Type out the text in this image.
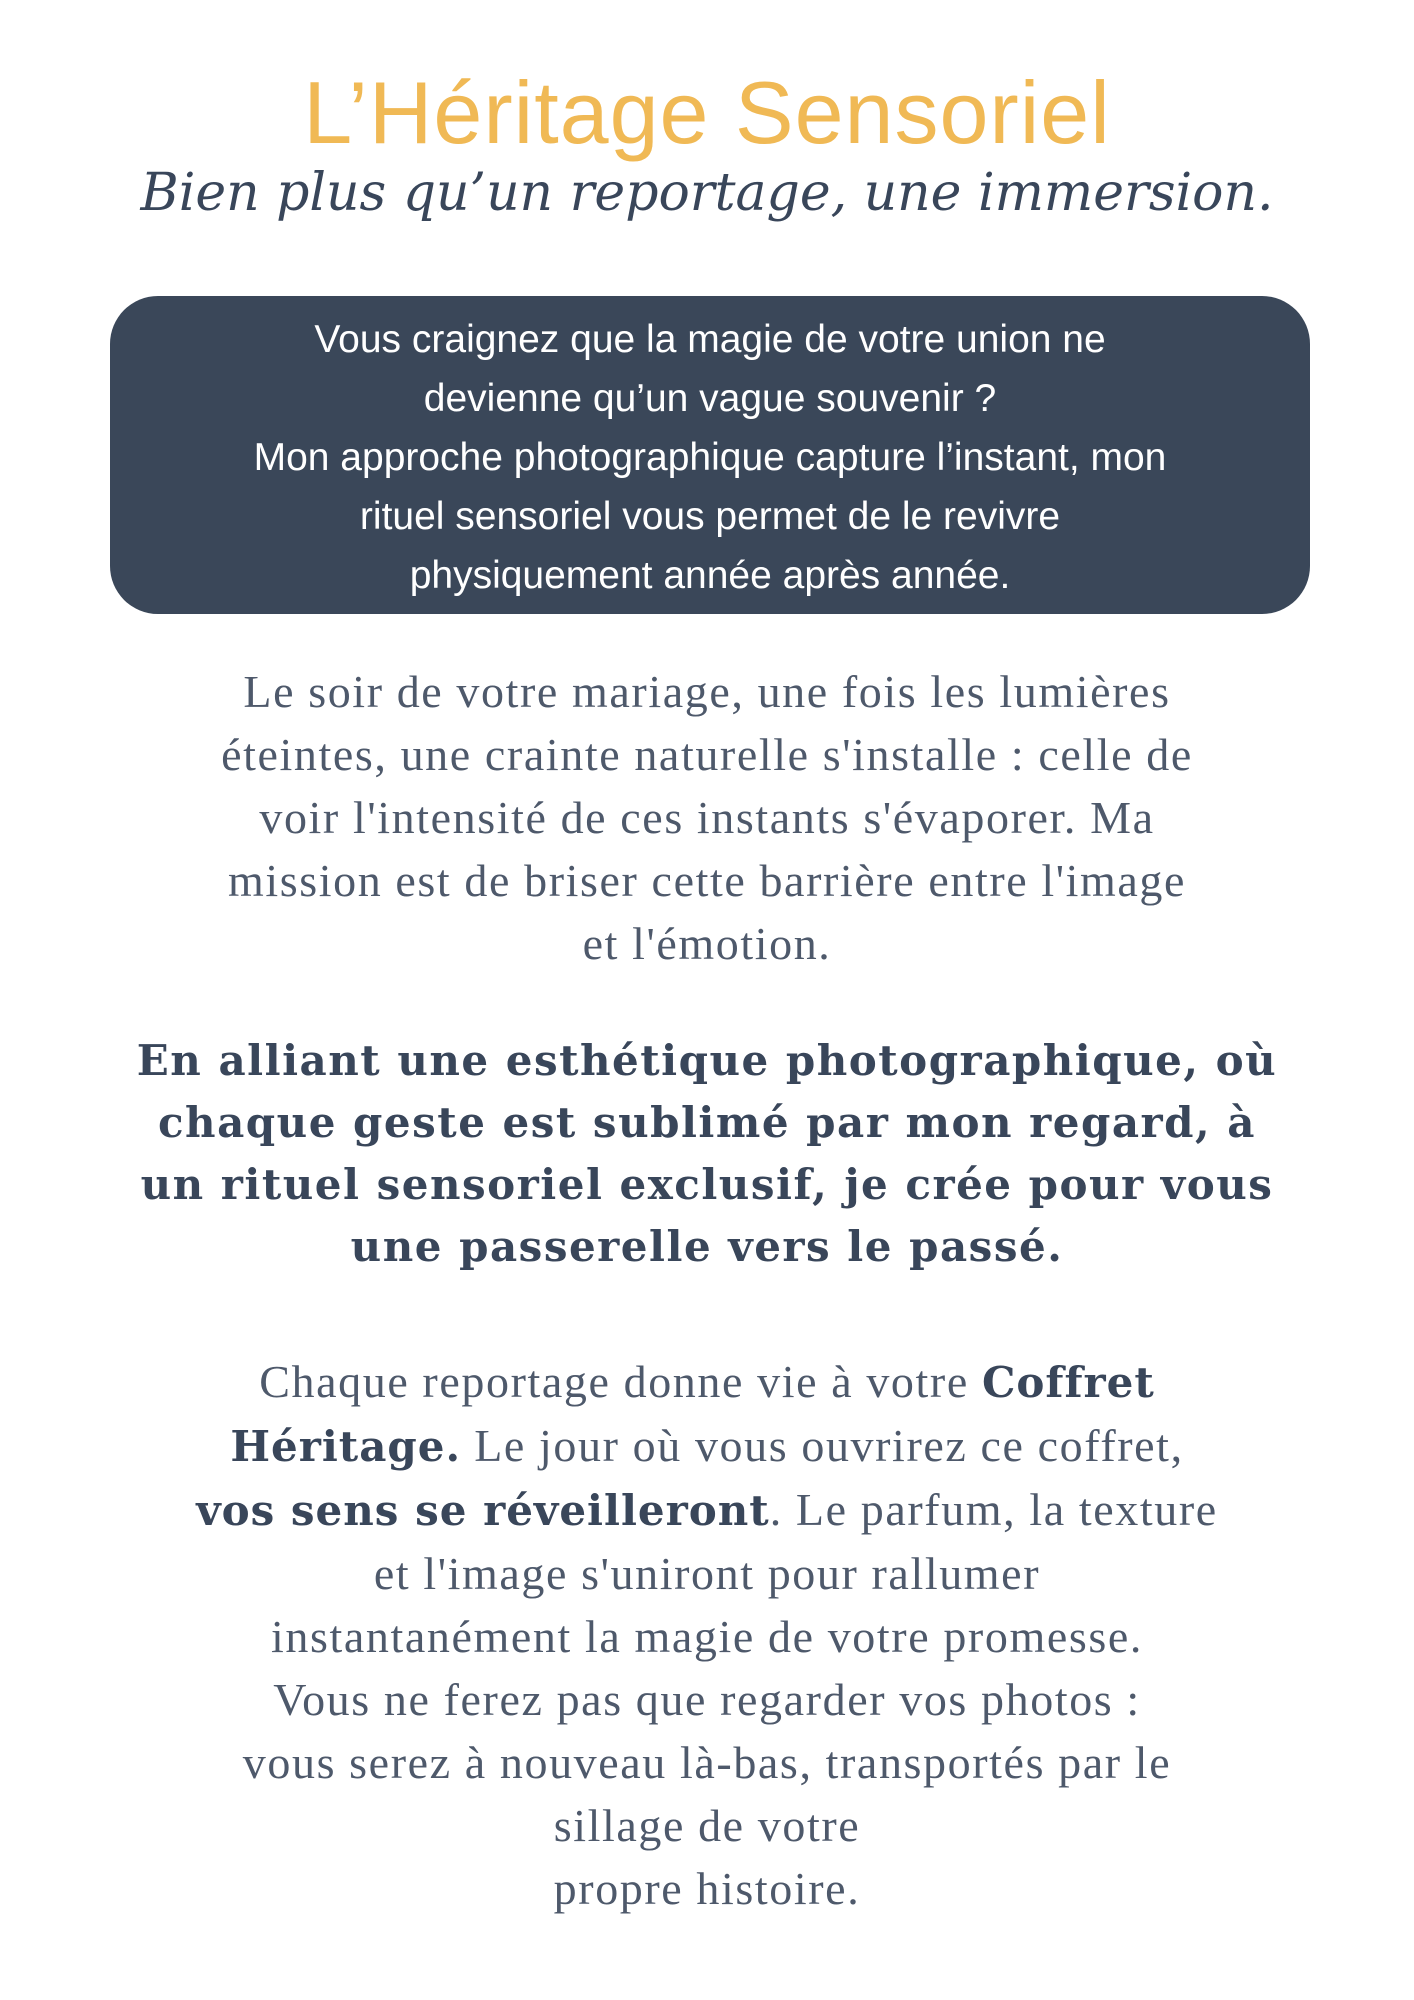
L’Héritage Sensoriel
Bien plus qu’un reportage, une immersion.
Vous craignez que la magie de votre union ne
devienne qu’un vague souvenir ?
Mon approche photographique capture l’instant, mon
rituel sensoriel vous permet de le revivre
physiquement année après année.
Le soir de votre mariage, une fois les lumières
éteintes, une crainte naturelle s'installe : celle de
voir l'intensité de ces instants s'évaporer. Ma
mission est de briser cette barrière entre l'image
et l'émotion.
En alliant une esthétique photographique, où
chaque geste est sublimé par mon regard, à
un rituel sensoriel exclusif, je crée pour vous
une passerelle vers le passé.
Chaque reportage donne vie à votre Coffret
Héritage. Le jour où vous ouvrirez ce coffret,
vos sens se réveilleront. Le parfum, la texture
et l'image s'uniront pour rallumer
instantanément la magie de votre promesse.
Vous ne ferez pas que regarder vos photos :
vous serez à nouveau là-bas, transportés par le
sillage de votre
propre histoire.
